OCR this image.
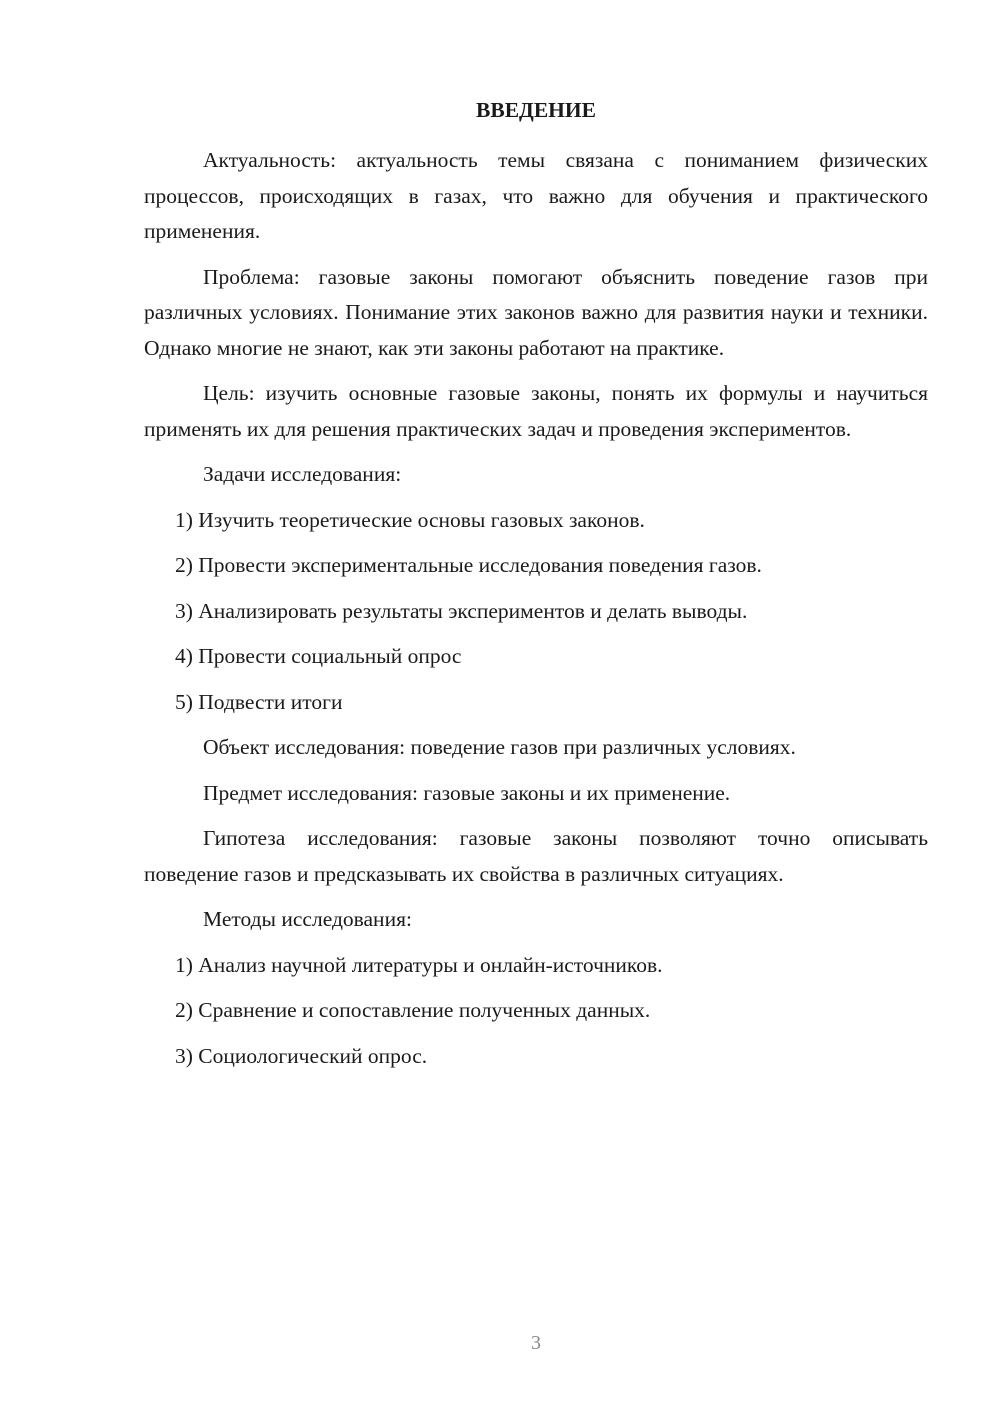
ВВЕДЕНИЕ
Актуальность: актуальность темы связана с пониманием физических процессов, происходящих в газах, что важно для обучения и практического применения.
Проблема: газовые законы помогают объяснить поведение газов при различных условиях. Понимание этих законов важно для развития науки и техники. Однако многие не знают, как эти законы работают на практике.
Цель: изучить основные газовые законы, понять их формулы и научиться применять их для решения практических задач и проведения экспериментов.
Задачи исследования:
1) Изучить теоретические основы газовых законов.
2) Провести экспериментальные исследования поведения газов.
3) Анализировать результаты экспериментов и делать выводы.
4) Провести социальный опрос
5) Подвести итоги
Объект исследования: поведение газов при различных условиях.
Предмет исследования: газовые законы и их применение.
Гипотеза исследования: газовые законы позволяют точно описывать поведение газов и предсказывать их свойства в различных ситуациях.
Методы исследования:
1) Анализ научной литературы и онлайн-источников.
2) Сравнение и сопоставление полученных данных.
3) Социологический опрос.
3
